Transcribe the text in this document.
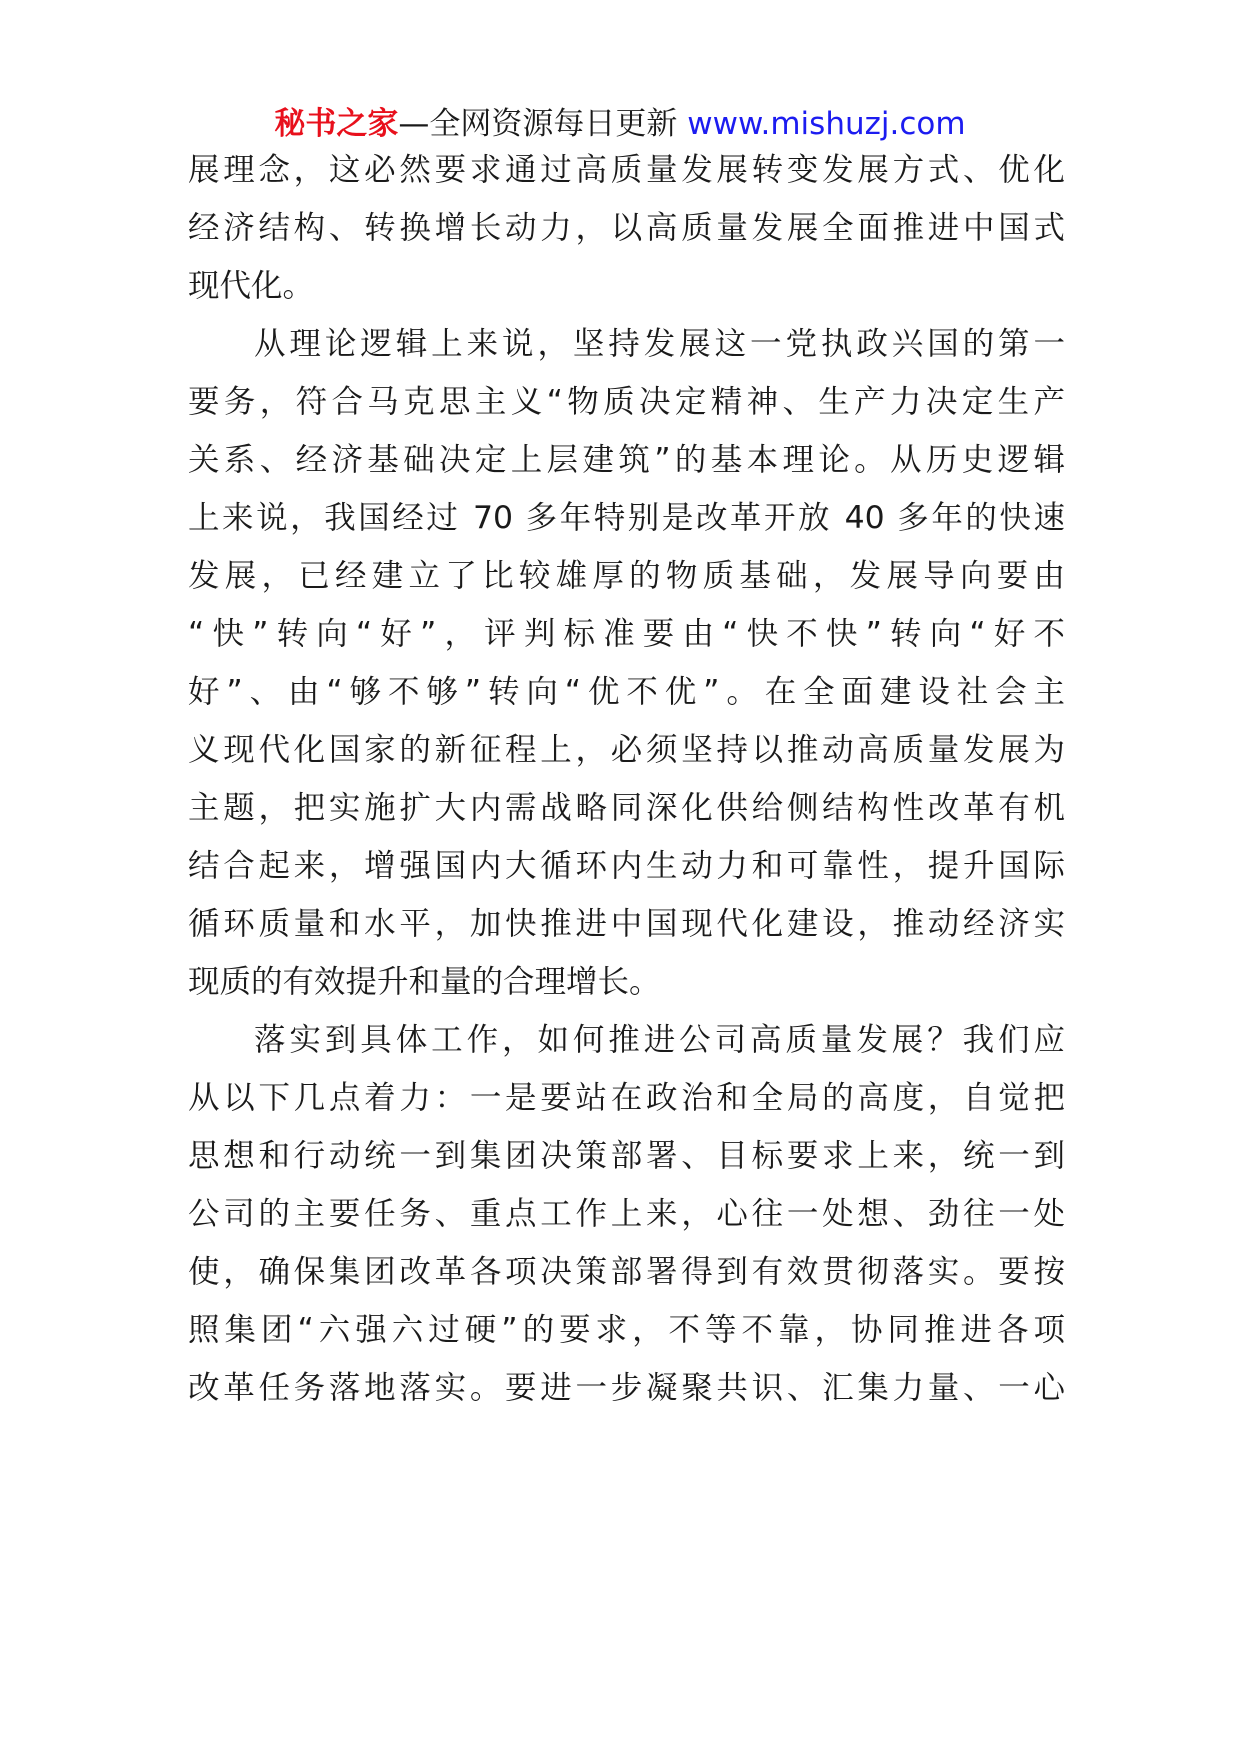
秘书之家—全网资源每日更新 www.mishuzj.com
展理念，这必然要求通过高质量发展转变发展方式、优化
经济结构、转换增长动力，以高质量发展全面推进中国式
现代化。
从理论逻辑上来说，坚持发展这一党执政兴国的第一
要务，符合马克思主义“物质决定精神、生产力决定生产
关系、经济基础决定上层建筑”的基本理论。从历史逻辑
上来说，我国经过 70 多年特别是改革开放 40 多年的快速
发展，已经建立了比较雄厚的物质基础，发展导向要由
“快”转向“好”，评判标准要由“快不快”转向“好不
好”、由“够不够”转向“优不优”。在全面建设社会主
义现代化国家的新征程上，必须坚持以推动高质量发展为
主题，把实施扩大内需战略同深化供给侧结构性改革有机
结合起来，增强国内大循环内生动力和可靠性，提升国际
循环质量和水平，加快推进中国现代化建设，推动经济实
现质的有效提升和量的合理增长。
落实到具体工作，如何推进公司高质量发展？我们应
从以下几点着力：一是要站在政治和全局的高度，自觉把
思想和行动统一到集团决策部署、目标要求上来，统一到
公司的主要任务、重点工作上来，心往一处想、劲往一处
使，确保集团改革各项决策部署得到有效贯彻落实。要按
照集团“六强六过硬”的要求，不等不靠，协同推进各项
改革任务落地落实。要进一步凝聚共识、汇集力量、一心
